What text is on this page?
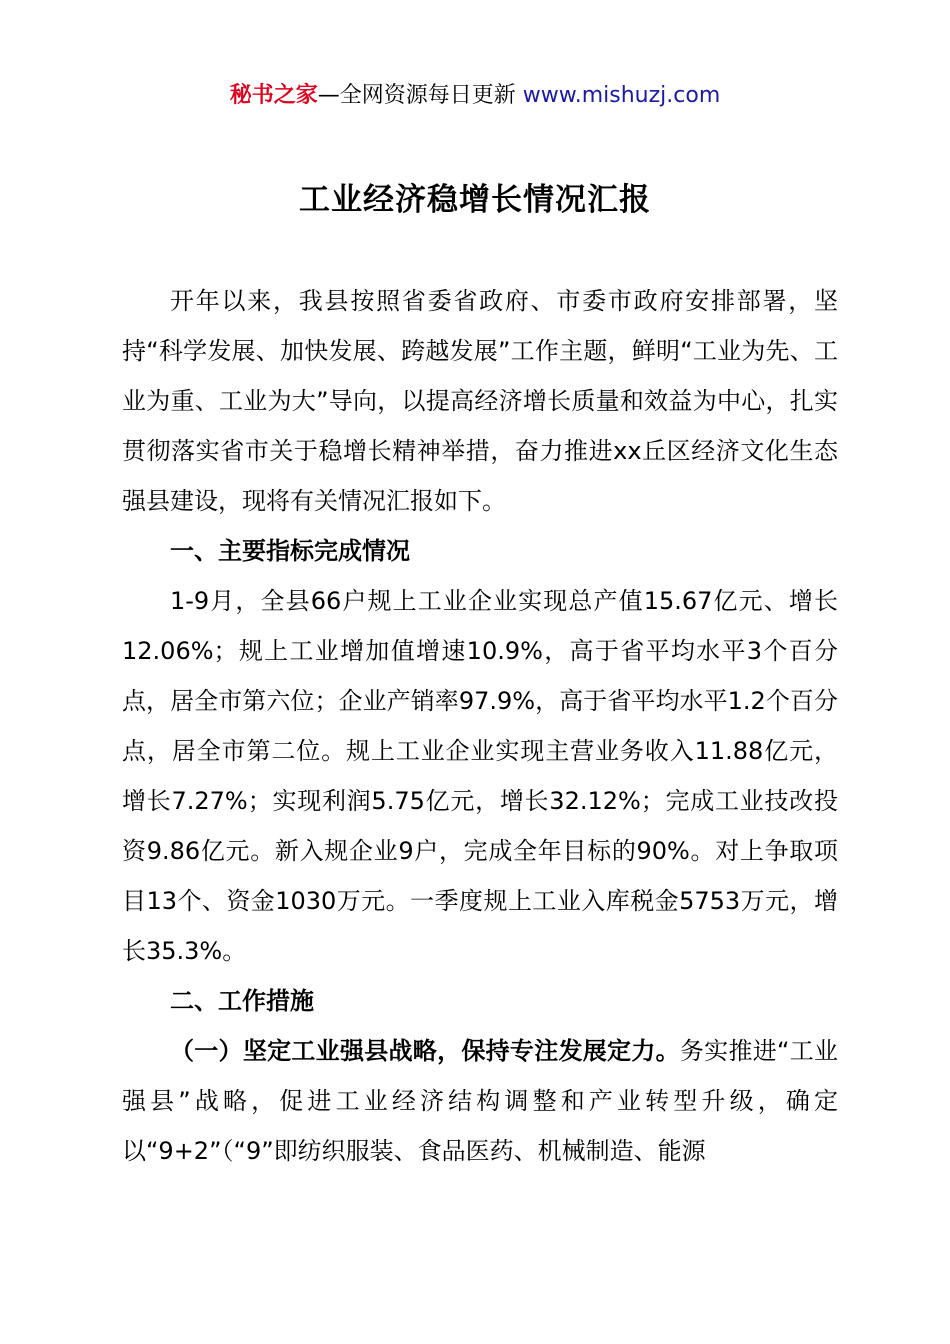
秘书之家—全网资源每日更新 www.mishuzj.com
工业经济稳增长情况汇报

开年以来，我县按照省委省政府、市委市政府安排部署，坚持“科学发展、加快发展、跨越发展”工作主题，鲜明“工业为先、工业为重、工业为大”导向，以提高经济增长质量和效益为中心，扎实贯彻落实省市关于稳增长精神举措，奋力推进xx丘区经济文化生态强县建设，现将有关情况汇报如下。

一、主要指标完成情况

1-9月，全县66户规上工业企业实现总产值15.67亿元、增长12.06%；规上工业增加值增速10.9%，高于省平均水平3个百分点，居全市第六位；企业产销率97.9%，高于省平均水平1.2个百分点，居全市第二位。规上工业企业实现主营业务收入11.88亿元，增长7.27%；实现利润5.75亿元，增长32.12%；完成工业技改投资9.86亿元。新入规企业9户，完成全年目标的90%。对上争取项目13个、资金1030万元。一季度规上工业入库税金5753万元，增长35.3%。

二、工作措施

（一）坚定工业强县战略，保持专注发展定力。务实推进“工业强县”战略，促进工业经济结构调整和产业转型升级，确定以“9+2”（“9”即纺织服装、食品医药、机械制造、能源
